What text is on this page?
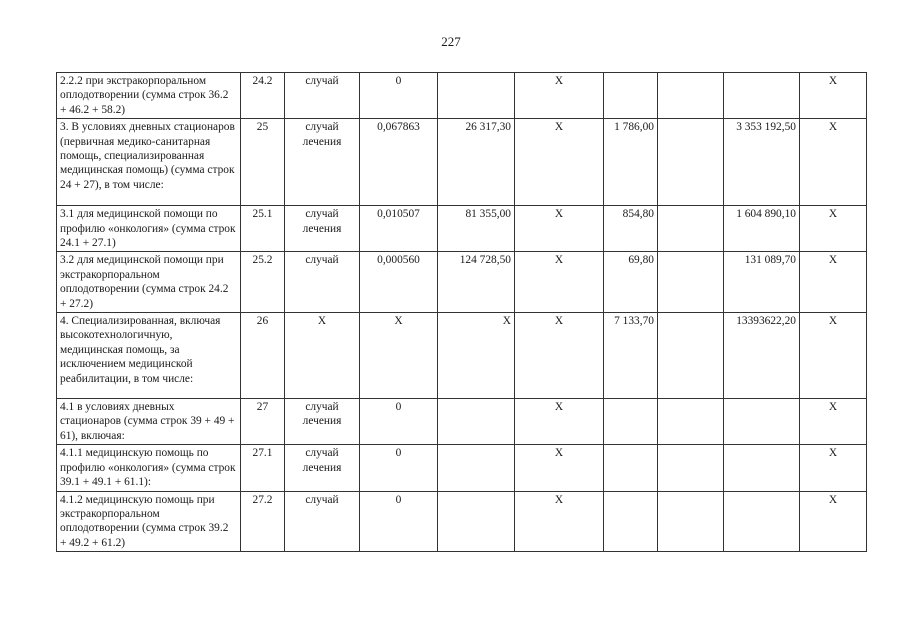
227
2.2.2 при экстракорпоральном оплодотворении (сумма строк 36.2 + 46.2 + 58.2)	24.2	случай	0		X				X
3. В условиях дневных стационаров (первичная медико-санитарная помощь, специализированная медицинская помощь) (сумма строк 24 + 27), в том числе:	25	случай лечения	0,067863	26 317,30	X	1 786,00		3 353 192,50	X
3.1 для медицинской помощи по профилю «онкология» (сумма строк 24.1 + 27.1)	25.1	случай лечения	0,010507	81 355,00	X	854,80		1 604 890,10	X
3.2 для медицинской помощи при экстракорпоральном оплодотворении (сумма строк 24.2 + 27.2)	25.2	случай	0,000560	124 728,50	X	69,80		131 089,70	X
4. Специализированная, включая высокотехнологичную, медицинская помощь, за исключением медицинской реабилитации, в том числе:	26	X	X	X	X	7 133,70		13393622,20	X
4.1 в условиях дневных стационаров (сумма строк 39 + 49 + 61), включая:	27	случай лечения	0		X				X
4.1.1 медицинскую помощь по профилю «онкология» (сумма строк 39.1 + 49.1 + 61.1):	27.1	случай лечения	0		X				X
4.1.2 медицинскую помощь при экстракорпоральном оплодотворении (сумма строк 39.2 + 49.2 + 61.2)	27.2	случай	0		X				X
